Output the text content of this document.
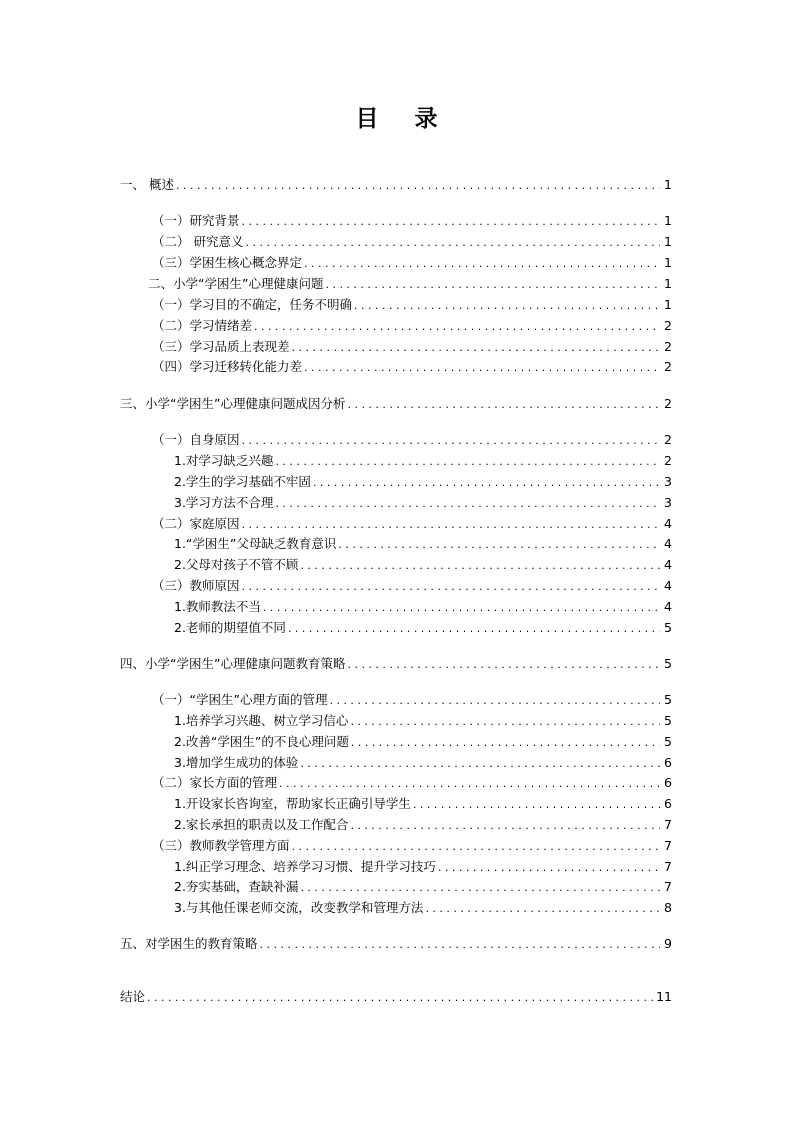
目 录
一、 概述 . . .	1
（一）研究背景 . . .	1
（二） 研究意义 . . .	1
（三）学困生核心概念界定 . . .	1
二、小学“学困生”心理健康问题 . . .	1
（一）学习目的不确定，任务不明确 . . .	1
（二）学习情绪差 . . .	2
（三）学习品质上表现差 . . .	2
（四）学习迁移转化能力差 . . .	2
三、小学“学困生”心理健康问题成因分析 . . .	2
（一）自身原因 . . .	2
1.对学习缺乏兴趣 . . .	2
2.学生的学习基础不牢固 . . .	3
3.学习方法不合理 . . .	3
（二）家庭原因 . . .	4
1.“学困生”父母缺乏教育意识 . . .	4
2.父母对孩子不管不顾 . . .	4
（三）教师原因 . . .	4
1.教师教法不当 . . .	4
2.老师的期望值不同 . . .	5
四、小学“学困生”心理健康问题教育策略 . . .	5
（一）“学困生”心理方面的管理 . . .	5
1.培养学习兴趣、树立学习信心 . . .	5
2.改善“学困生”的不良心理问题 . . .	5
3.增加学生成功的体验 . . .	6
（二）家长方面的管理 . . .	6
1.开设家长咨询室，帮助家长正确引导学生 . . .	6
2.家长承担的职责以及工作配合 . . .	7
（三）教师教学管理方面 . . .	7
1.纠正学习理念、培养学习习惯、提升学习技巧 . . .	7
2.夯实基础，查缺补漏 . . .	7
3.与其他任课老师交流，改变教学和管理方法 . . .	8
五、对学困生的教育策略 . . .	9
结论 . . .	11
